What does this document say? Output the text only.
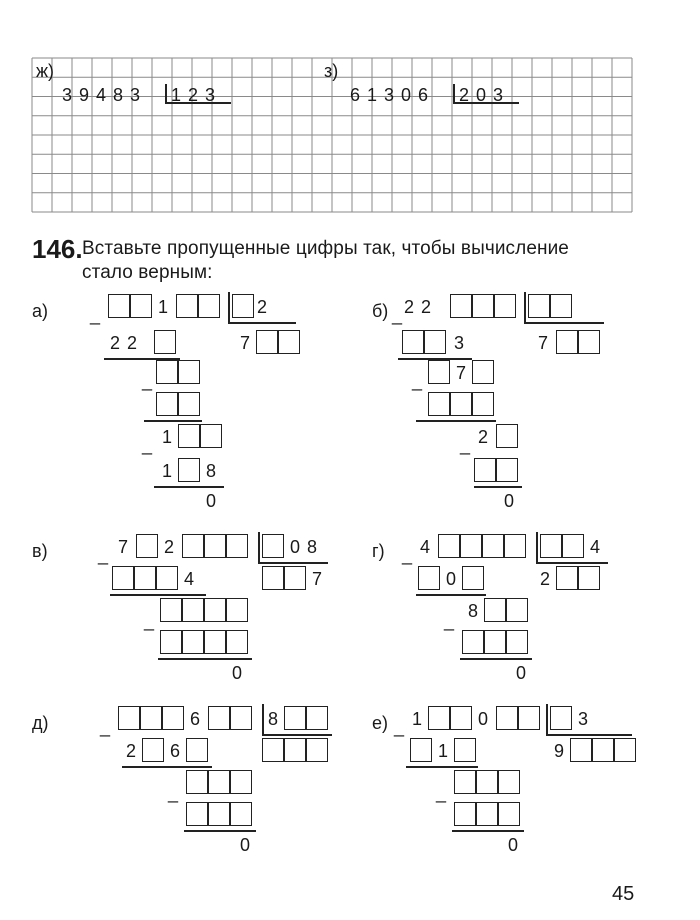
ж)
3 9 4 8 3 1 2 3
з)
6 1 3 0 6 2 0 3
146. Вставьте пропущенные цифры так, чтобы вычисление
стало верным:
а) _	1	2
2 2	7
_
_ 1
1 8
0
б) _ 2 2
3	7
_ 7
_ 2
0
в)	_ 7 2	0 8
4	7
_
0
г) _ 4	4
0	2
_ 8
0
д)	_	6	8
2 6
_
0
е) _ 1	0	3
1	9
_
0
45
